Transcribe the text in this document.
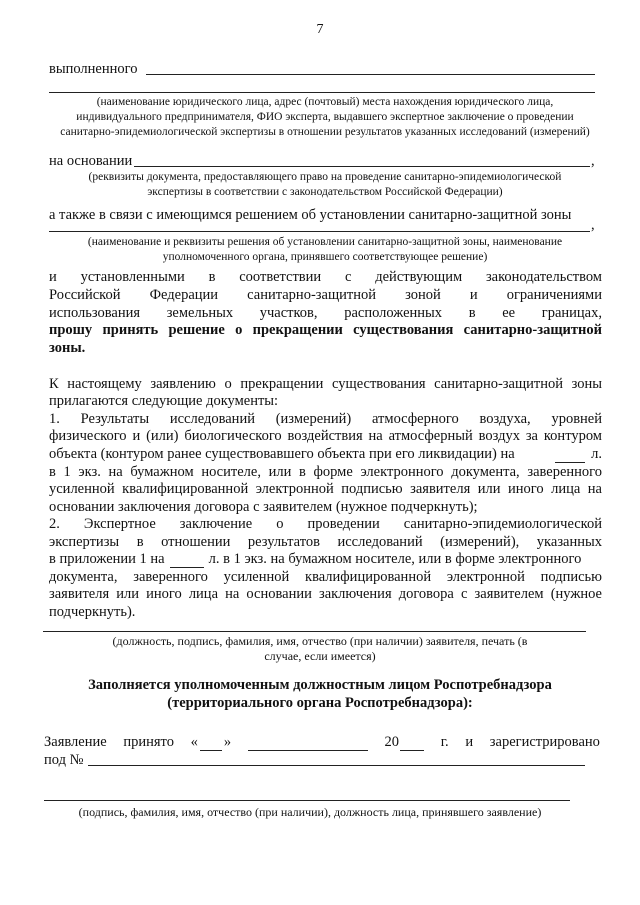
7
выполненного
(наименование юридического лица, адрес (почтовый) места нахождения юридического лица, индивидуального предпринимателя, ФИО эксперта, выдавшего экспертное заключение о проведении санитарно-эпидемиологической экспертизы в отношении результатов указанных исследований (измерений)
на основании	,
(реквизиты документа, предоставляющего право на проведение санитарно-эпидемиологической экспертизы в соответствии с законодательством Российской Федерации)
а также в связи с имеющимся решением об установлении санитарно-защитной зоны
,
(наименование и реквизиты решения об установлении санитарно-защитной зоны, наименование уполномоченного органа, принявшего соответствующее решение)
и установленными в соответствии с действующим законодательством
Российской Федерации санитарно-защитной зоной и ограничениями
использования земельных участков, расположенных в ее границах,
прошу принять решение о прекращении существования санитарно-защитной
зоны.
К настоящему заявлению о прекращении существования санитарно-защитной зоны
прилагаются следующие документы:
1. Результаты исследований (измерений) атмосферного воздуха, уровней
физического и (или) биологического воздействия на атмосферный воздух за контуром
объекта (контуром ранее существовавшего объекта при его ликвидации) на	л.
в 1 экз. на бумажном носителе, или в форме электронного документа, заверенного
усиленной квалифицированной электронной подписью заявителя или иного лица на
основании заключения договора с заявителем (нужное подчеркнуть);
2. Экспертное заключение о проведении санитарно-эпидемиологической
экспертизы в отношении результатов исследований (измерений), указанных
в приложении 1 на	л. в 1 экз. на бумажном носителе, или в форме электронного
документа, заверенного усиленной квалифицированной электронной подписью
заявителя или иного лица на основании заключения договора с заявителем (нужное
подчеркнуть).
(должность, подпись, фамилия, имя, отчество (при наличии) заявителя, печать (в случае, если имеется)
Заполняется уполномоченным должностным лицом Роспотребнадзора
(территориального органа Роспотребнадзора):
Заявление принято « »	20	г. и зарегистрировано
под №
(подпись, фамилия, имя, отчество (при наличии), должность лица, принявшего заявление)
